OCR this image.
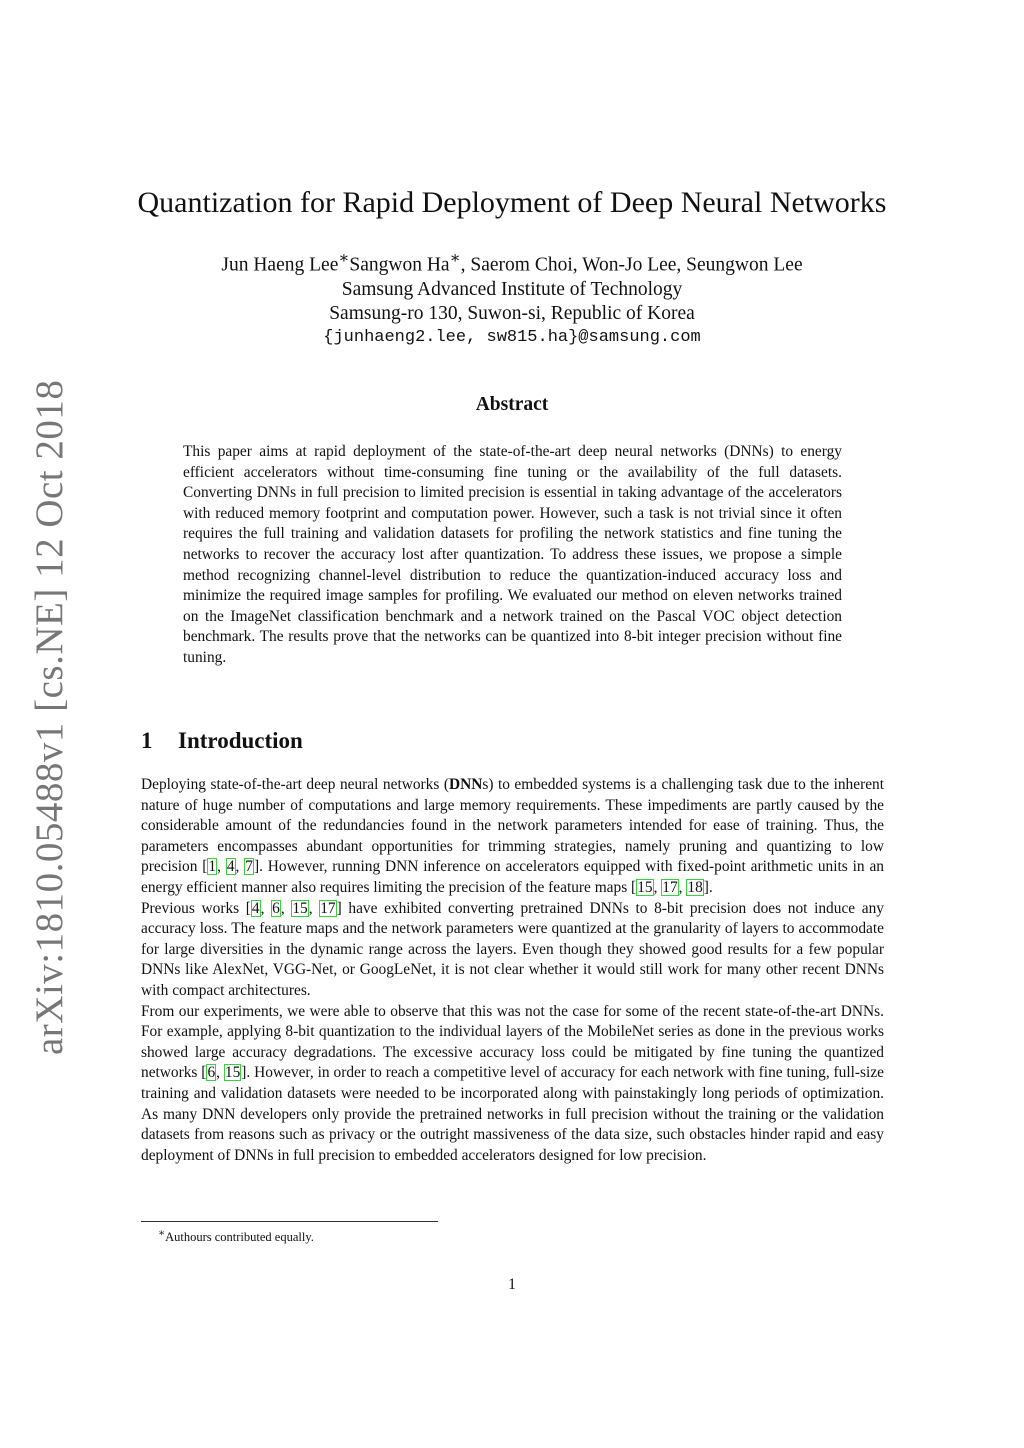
arXiv:1810.05488v1 [cs.NE] 12 Oct 2018
Quantization for Rapid Deployment of Deep Neural Networks
Jun Haeng Lee∗Sangwon Ha∗, Saerom Choi, Won-Jo Lee, Seungwon Lee
Samsung Advanced Institute of Technology
Samsung-ro 130, Suwon-si, Republic of Korea
{junhaeng2.lee, sw815.ha}@samsung.com
Abstract
This paper aims at rapid deployment of the state-of-the-art deep neural networks (DNNs) to energy efficient accelerators without time-consuming fine tuning or the availability of the full datasets. Converting DNNs in full precision to limited precision is essential in taking advantage of the accelerators with reduced memory footprint and computation power. However, such a task is not trivial since it often requires the full training and validation datasets for profiling the network statistics and fine tuning the networks to recover the accuracy lost after quantization. To address these issues, we propose a simple method recognizing channel-level distribution to reduce the quantization-induced accuracy loss and minimize the required image samples for profiling. We evaluated our method on eleven networks trained on the ImageNet classification benchmark and a network trained on the Pascal VOC object detection benchmark. The results prove that the networks can be quantized into 8-bit integer precision without fine tuning.
1 Introduction

Deploying state-of-the-art deep neural networks (DNNs) to embedded systems is a challenging task due to the inherent nature of huge number of computations and large memory requirements. These impediments are partly caused by the considerable amount of the redundancies found in the network parameters intended for ease of training. Thus, the parameters encompasses abundant opportunities for trimming strategies, namely pruning and quantizing to low precision [1, 4, 7]. However, running DNN inference on accelerators equipped with fixed-point arithmetic units in an energy efficient manner also requires limiting the precision of the feature maps [15, 17, 18].

Previous works [4, 6, 15, 17] have exhibited converting pretrained DNNs to 8-bit precision does not induce any accuracy loss. The feature maps and the network parameters were quantized at the granularity of layers to accommodate for large diversities in the dynamic range across the layers. Even though they showed good results for a few popular DNNs like AlexNet, VGG-Net, or GoogLeNet, it is not clear whether it would still work for many other recent DNNs with compact architectures.

From our experiments, we were able to observe that this was not the case for some of the recent state-of-the-art DNNs. For example, applying 8-bit quantization to the individual layers of the MobileNet series as done in the previous works showed large accuracy degradations. The excessive accuracy loss could be mitigated by fine tuning the quantized networks [6, 15]. However, in order to reach a competitive level of accuracy for each network with fine tuning, full-size training and validation datasets were needed to be incorporated along with painstakingly long periods of optimization. As many DNN developers only provide the pretrained networks in full precision without the training or the validation datasets from reasons such as privacy or the outright massiveness of the data size, such obstacles hinder rapid and easy deployment of DNNs in full precision to embedded accelerators designed for low precision.

∗Authours contributed equally.
1
